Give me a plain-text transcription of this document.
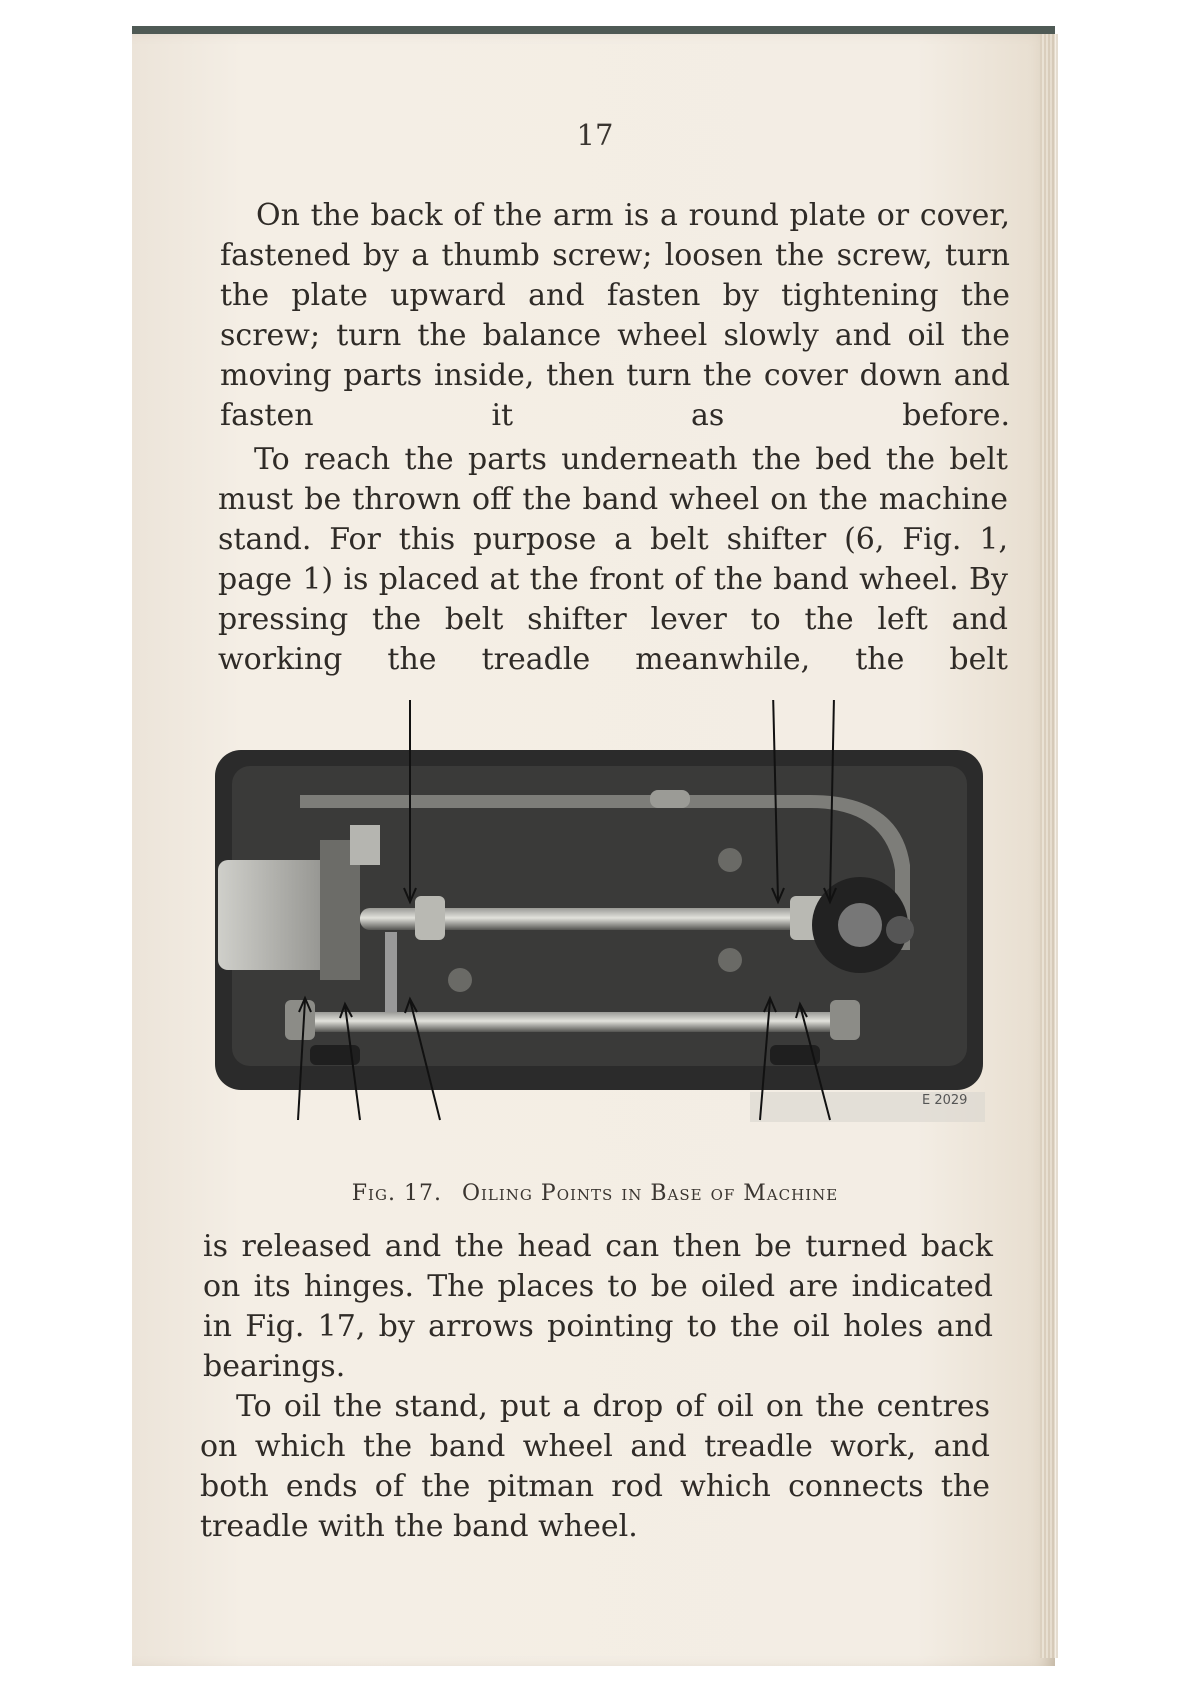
17

On the back of the arm is a round plate or cover, fastened by a thumb screw; loosen the screw, turn the plate upward and fasten by tightening the screw; turn the balance wheel slowly and oil the moving parts inside, then turn the cover down and fasten it as before.

To reach the parts underneath the bed the belt must be thrown off the band wheel on the machine stand. For this purpose a belt shifter (6, Fig. 1, page 1) is placed at the front of the band wheel. By pressing the belt shifter lever to the left and working the treadle meanwhile, the belt

E 2029
Fig. 17. Oiling Points in Base of Machine

is released and the head can then be turned back on its hinges. The places to be oiled are indicated in Fig. 17, by arrows pointing to the oil holes and bearings.

To oil the stand, put a drop of oil on the centres on which the band wheel and treadle work, and both ends of the pitman rod which connects the treadle with the band wheel.
